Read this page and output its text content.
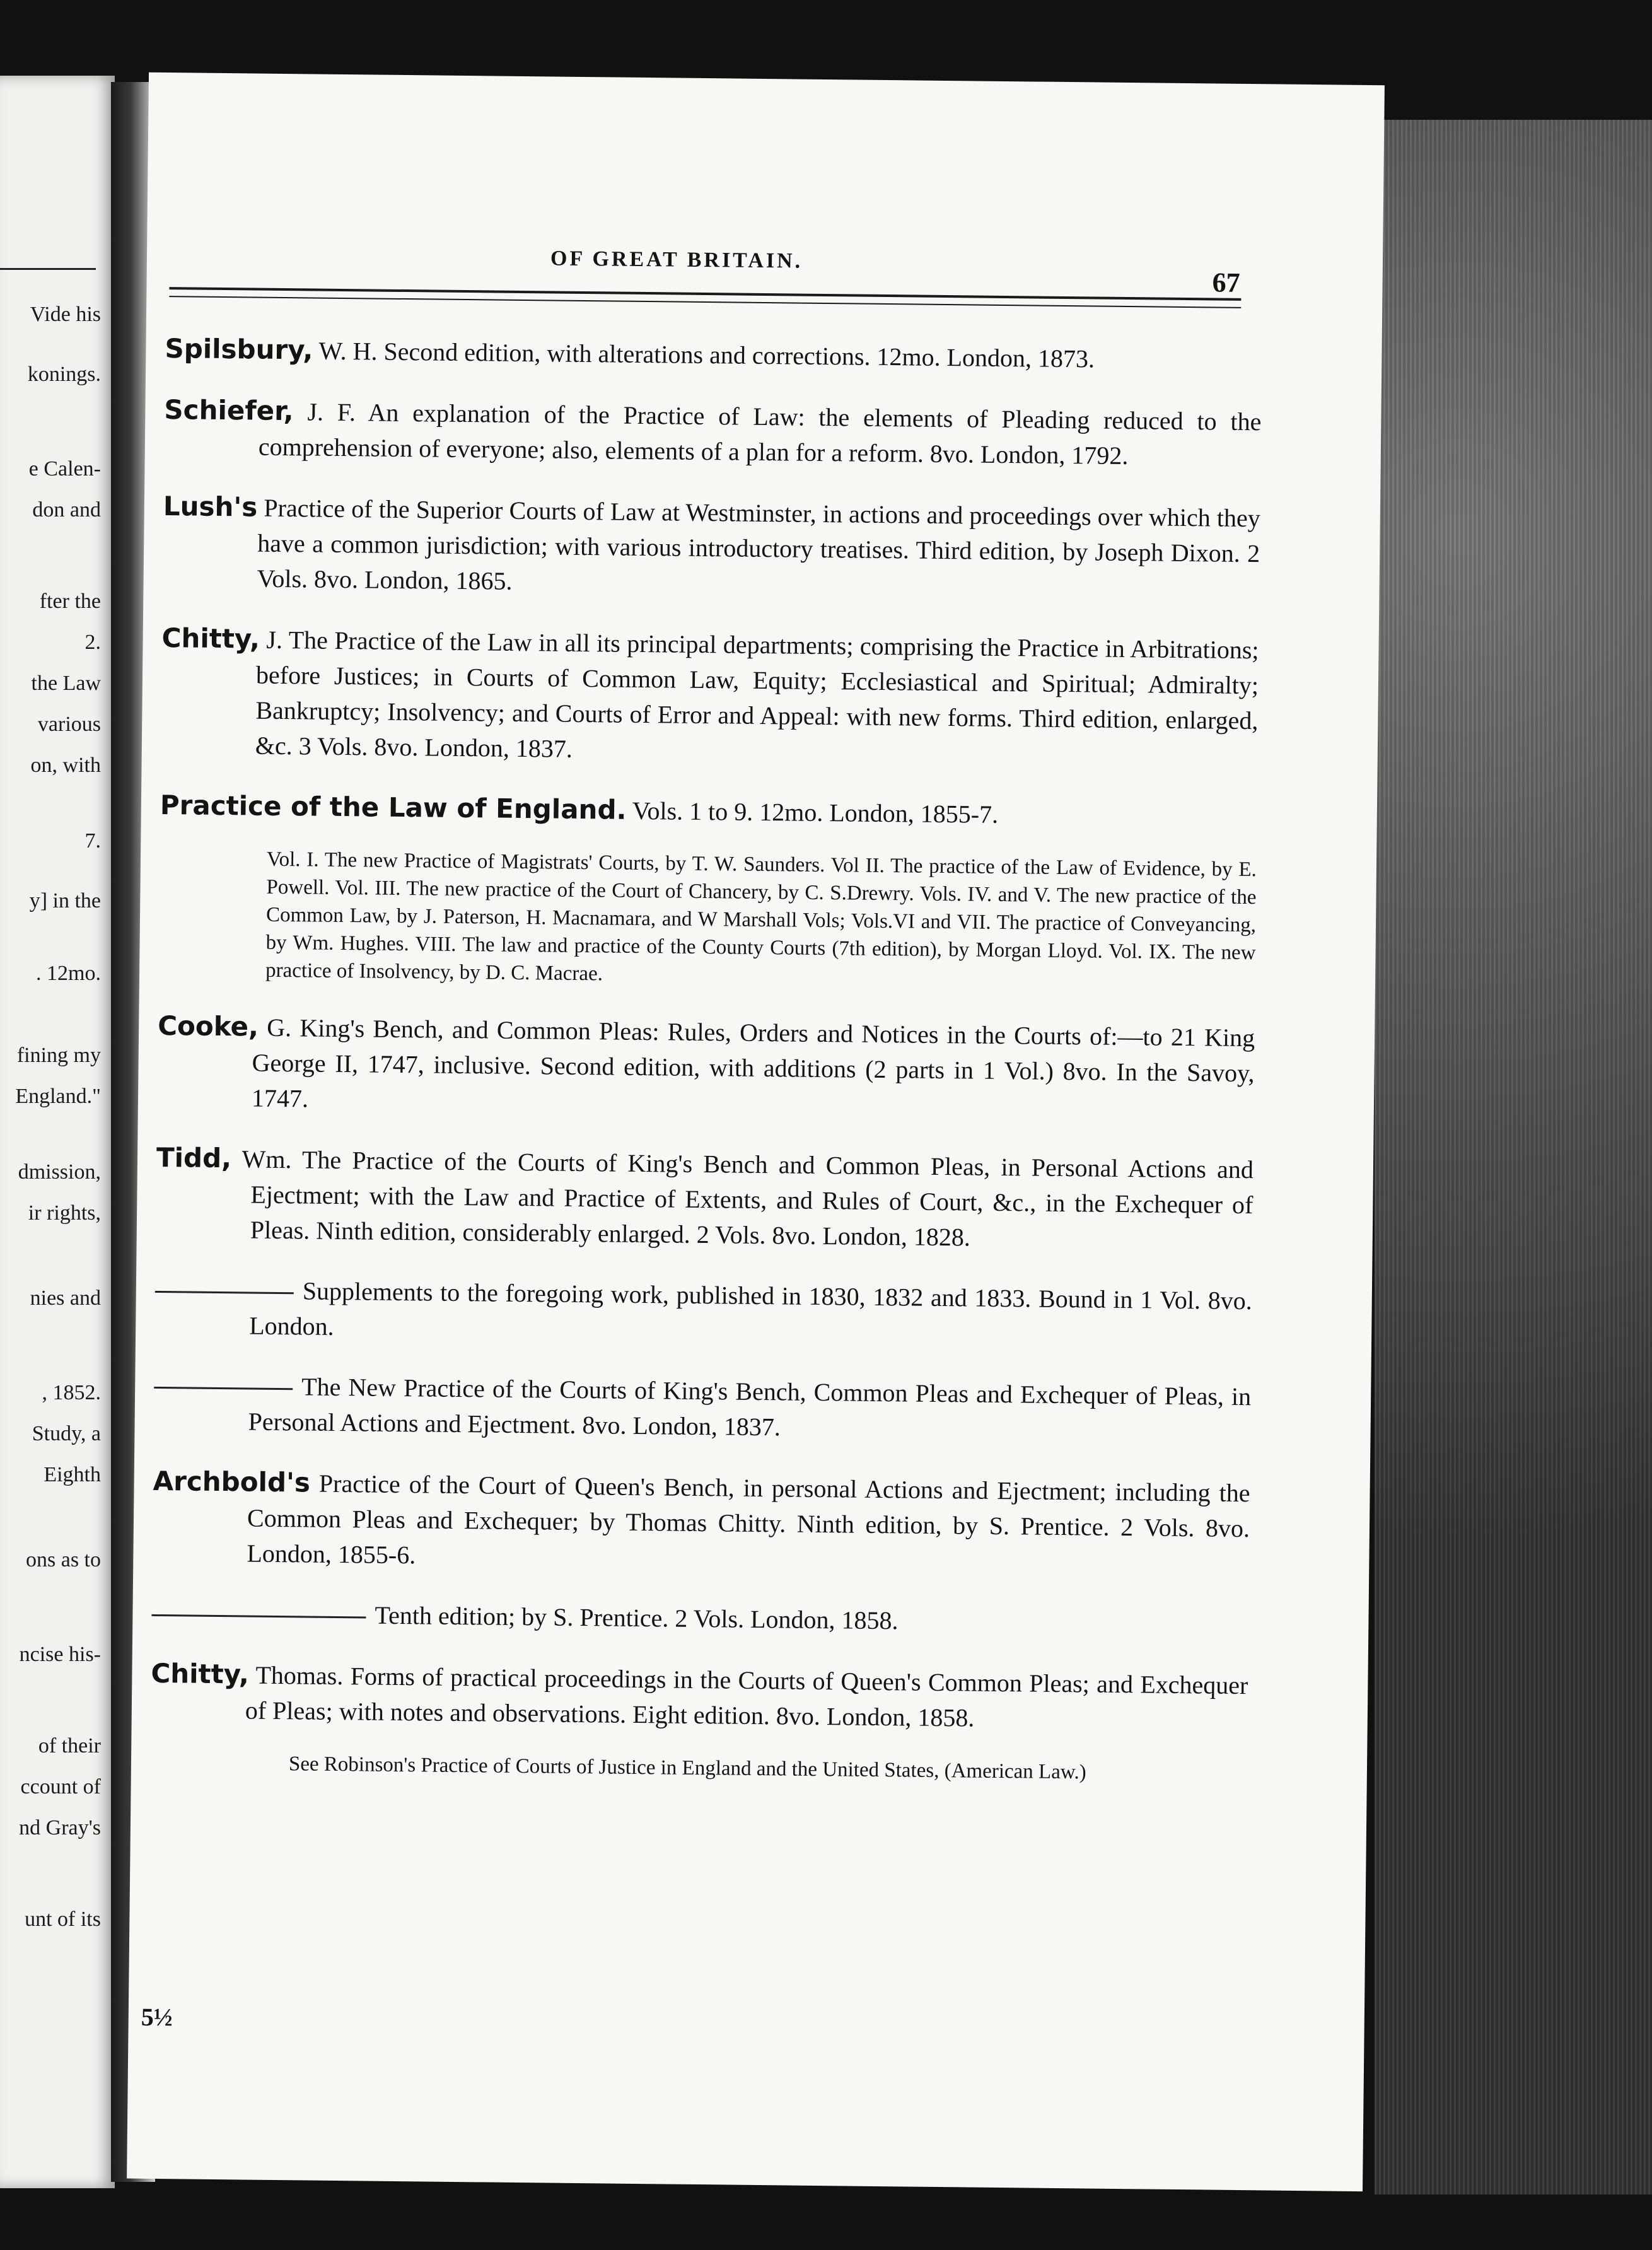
Vide his
konings.
e Calen-
don and
fter the
2.
the Law
various
on, with
7.
y] in the
. 12mo.
fining my
England."
dmission,
ir rights,
nies and
, 1852.
Study, a
Eighth
ons as to
ncise his-
of their
ccount of
nd Gray's
unt of its
OF GREAT BRITAIN.
67

Spilsbury, W. H. Second edition, with alterations and corrections. 12mo. London, 1873.

Schiefer, J. F. An explanation of the Practice of Law: the elements of Pleading reduced to the comprehension of everyone; also, elements of a plan for a reform. 8vo. London, 1792.

Lush's Practice of the Superior Courts of Law at Westminster, in actions and proceedings over which they have a common jurisdiction; with various introductory treatises. Third edition, by Joseph Dixon. 2 Vols. 8vo. London, 1865.

Chitty, J. The Practice of the Law in all its principal departments; comprising the Practice in Arbitrations; before Justices; in Courts of Common Law, Equity; Ecclesiastical and Spiritual; Admiralty; Bankruptcy; Insolvency; and Courts of Error and Appeal: with new forms. Third edition, enlarged, &c. 3 Vols. 8vo. London, 1837.

Practice of the Law of England. Vols. 1 to 9. 12mo. London, 1855-7.

Vol. I. The new Practice of Magistrats' Courts, by T. W. Saunders. Vol II. The practice of the Law of Evidence, by E. Powell. Vol. III. The new practice of the Court of Chancery, by C. S.Drewry. Vols. IV. and V. The new practice of the Common Law, by J. Paterson, H. Macnamara, and W Marshall Vols; Vols.VI and VII. The practice of Conveyancing, by Wm. Hughes. VIII. The law and practice of the County Courts (7th edition), by Morgan Lloyd. Vol. IX. The new practice of Insolvency, by D. C. Macrae.

Cooke, G. King's Bench, and Common Pleas: Rules, Orders and Notices in the Courts of:—to 21 King George II, 1747, inclusive. Second edition, with additions (2 parts in 1 Vol.) 8vo. In the Savoy, 1747.

Tidd, Wm. The Practice of the Courts of King's Bench and Common Pleas, in Personal Actions and Ejectment; with the Law and Practice of Extents, and Rules of Court, &c., in the Exchequer of Pleas. Ninth edition, considerably enlarged. 2 Vols. 8vo. London, 1828.

Supplements to the foregoing work, published in 1830, 1832 and 1833. Bound in 1 Vol. 8vo. London.

The New Practice of the Courts of King's Bench, Common Pleas and Exchequer of Pleas, in Personal Actions and Ejectment. 8vo. London, 1837.

Archbold's Practice of the Court of Queen's Bench, in personal Actions and Ejectment; including the Common Pleas and Exchequer; by Thomas Chitty. Ninth edition, by S. Prentice. 2 Vols. 8vo. London, 1855-6.

Tenth edition; by S. Prentice. 2 Vols. London, 1858.

Chitty, Thomas. Forms of practical proceedings in the Courts of Queen's Common Pleas; and Exchequer of Pleas; with notes and observations. Eight edition. 8vo. London, 1858.

See Robinson's Practice of Courts of Justice in England and the United States, (American Law.)

5½
